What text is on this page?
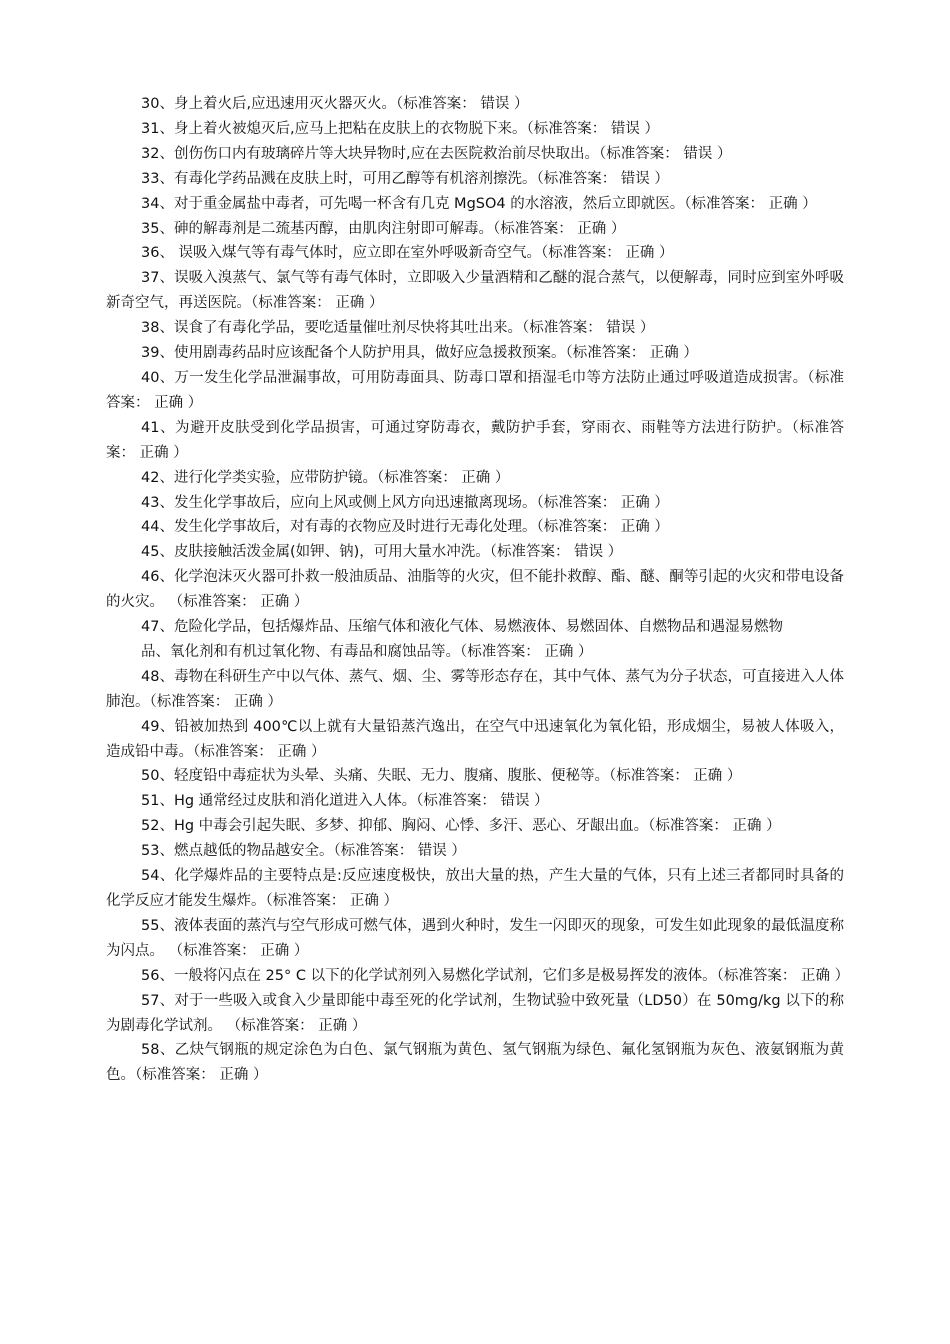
30、身上着火后,应迅速用灭火器灭火。（标准答案： 错误 ）

31、身上着火被熄灭后,应马上把粘在皮肤上的衣物脱下来。（标准答案： 错误 ）

32、创伤伤口内有玻璃碎片等大块异物时,应在去医院救治前尽快取出。（标准答案： 错误 ）

33、有毒化学药品溅在皮肤上时，可用乙醇等有机溶剂擦洗。（标准答案： 错误 ）

34、对于重金属盐中毒者，可先喝一杯含有几克 MgSO4 的水溶液，然后立即就医。（标准答案： 正确 ）

35、砷的解毒剂是二巯基丙醇，由肌肉注射即可解毒。（标准答案： 正确 ）

36、 误吸入煤气等有毒气体时，应立即在室外呼吸新奇空气。（标准答案： 正确 ）

37、误吸入溴蒸气、氯气等有毒气体时，立即吸入少量酒精和乙醚的混合蒸气，以便解毒，同时应到室外呼吸新奇空气，再送医院。（标准答案： 正确 ）

38、误食了有毒化学品，要吃适量催吐剂尽快将其吐出来。（标准答案： 错误 ）

39、使用剧毒药品时应该配备个人防护用具，做好应急援救预案。（标准答案： 正确 ）

40、万一发生化学品泄漏事故，可用防毒面具、防毒口罩和捂湿毛巾等方法防止通过呼吸道造成损害。（标准答案： 正确 ）

41、为避开皮肤受到化学品损害，可通过穿防毒衣，戴防护手套，穿雨衣、雨鞋等方法进行防护。（标准答案： 正确 ）

42、进行化学类实验，应带防护镜。（标准答案： 正确 ）

43、发生化学事故后，应向上风或侧上风方向迅速撤离现场。（标准答案： 正确 ）

44、发生化学事故后，对有毒的衣物应及时进行无毒化处理。（标准答案： 正确 ）

45、皮肤接触活泼金属(如钾、钠)，可用大量水冲洗。（标准答案： 错误 ）

46、化学泡沫灭火器可扑救一般油质品、油脂等的火灾，但不能扑救醇、酯、醚、酮等引起的火灾和带电设备的火灾。 （标准答案： 正确 ）

47、危险化学品，包括爆炸品、压缩气体和液化气体、易燃液体、易燃固体、自燃物品和遇湿易燃物

品、氧化剂和有机过氧化物、有毒品和腐蚀品等。（标准答案： 正确 ）

48、毒物在科研生产中以气体、蒸气、烟、尘、雾等形态存在，其中气体、蒸气为分子状态，可直接进入人体肺泡。（标准答案： 正确 ）

49、铅被加热到 400℃以上就有大量铅蒸汽逸出，在空气中迅速氧化为氧化铅，形成烟尘，易被人体吸入，造成铅中毒。（标准答案： 正确 ）

50、轻度铅中毒症状为头晕、头痛、失眠、无力、腹痛、腹胀、便秘等。（标准答案： 正确 ）

51、Hg 通常经过皮肤和消化道进入人体。（标准答案： 错误 ）

52、Hg 中毒会引起失眠、多梦、抑郁、胸闷、心悸、多汗、恶心、牙龈出血。（标准答案： 正确 ）

53、燃点越低的物品越安全。（标准答案： 错误 ）

54、化学爆炸品的主要特点是:反应速度极快，放出大量的热，产生大量的气体，只有上述三者都同时具备的化学反应才能发生爆炸。（标准答案： 正确 ）

55、液体表面的蒸汽与空气形成可燃气体，遇到火种时，发生一闪即灭的现象，可发生如此现象的最低温度称为闪点。 （标准答案： 正确 ）

56、一般将闪点在 25° C 以下的化学试剂列入易燃化学试剂，它们多是极易挥发的液体。（标准答案： 正确 ）

57、对于一些吸入或食入少量即能中毒至死的化学试剂，生物试验中致死量（LD50）在 50mg/kg 以下的称为剧毒化学试剂。 （标准答案： 正确 ）

58、乙炔气钢瓶的规定涂色为白色、氯气钢瓶为黄色、氢气钢瓶为绿色、氟化氢钢瓶为灰色、液氨钢瓶为黄色。（标准答案： 正确 ）
